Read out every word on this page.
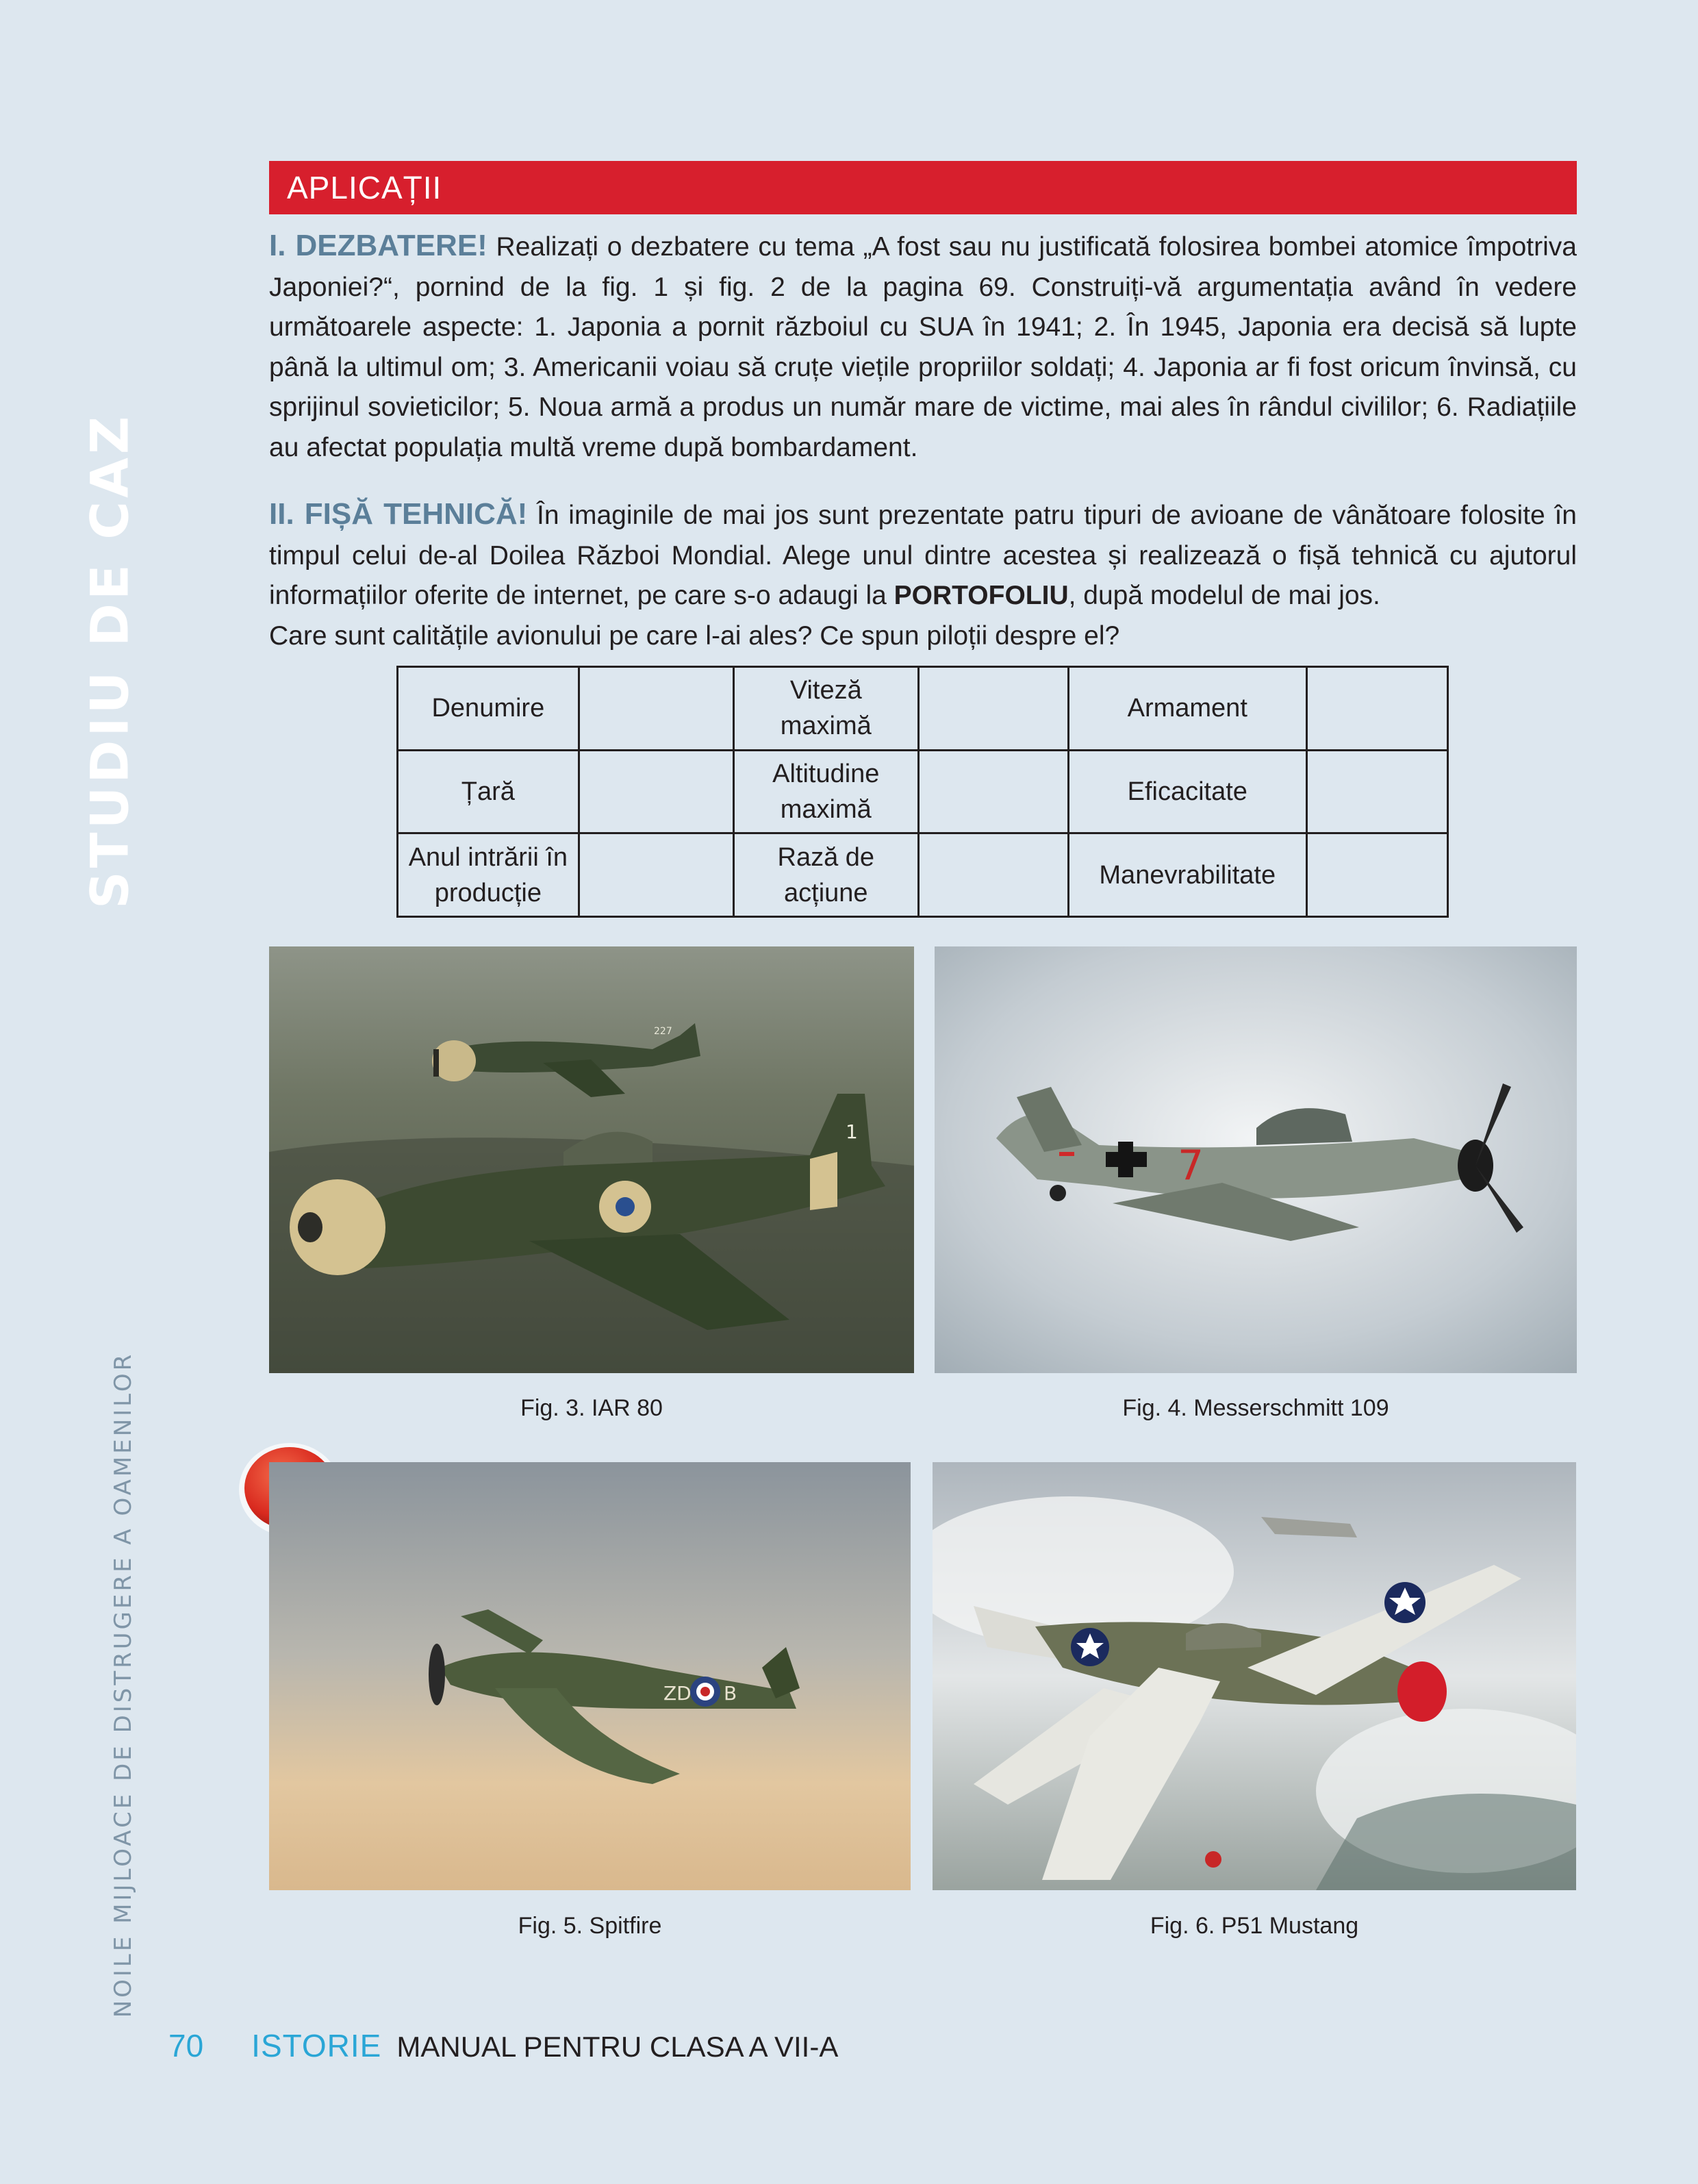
STUDIU DE CAZ
NOILE MIJLOACE DE DISTRUGERE A OAMENILOR
APLICAȚII

I. DEZBATERE! Realizați o dezbatere cu tema „A fost sau nu justificată folosirea bombei atomice împotriva Japoniei?“, pornind de la fig. 1 și fig. 2 de la pagina 69. Construiți-vă argumentația având în vedere următoarele aspecte: 1. Japonia a pornit războiul cu SUA în 1941; 2. În 1945, Japonia era decisă să lupte până la ultimul om; 3. Americanii voiau să cruțe viețile propriilor soldați; 4. Japonia ar fi fost oricum învinsă, cu sprijinul sovieticilor; 5. Noua armă a produs un număr mare de victime, mai ales în rândul civililor; 6. Radiațiile au afectat populația multă vreme după bombardament.

II. FIȘĂ TEHNICĂ! În imaginile de mai jos sunt prezentate patru tipuri de avioane de vânătoare folosite în timpul celui de-al Doilea Război Mondial. Alege unul dintre acestea și realizează o fișă tehnică cu ajutorul informațiilor oferite de internet, pe care s-o adaugi la PORTOFOLIU, după modelul de mai jos.

Care sunt calitățile avionului pe care l-ai ales? Ce spun piloții despre el?

Denumire		Viteză maximă		Armament	
Țară		Altitudine maximă		Eficacitate	
Anul intrării în producție		Rază de acțiune		Manevrabilitate	
227
1
7
Fig. 3. IAR 80	Fig. 4. Messerschmitt 109
ZD B
Fig. 5. Spitfire	Fig. 6. P51 Mustang
70 ISTORIE MANUAL PENTRU CLASA A VII-A
